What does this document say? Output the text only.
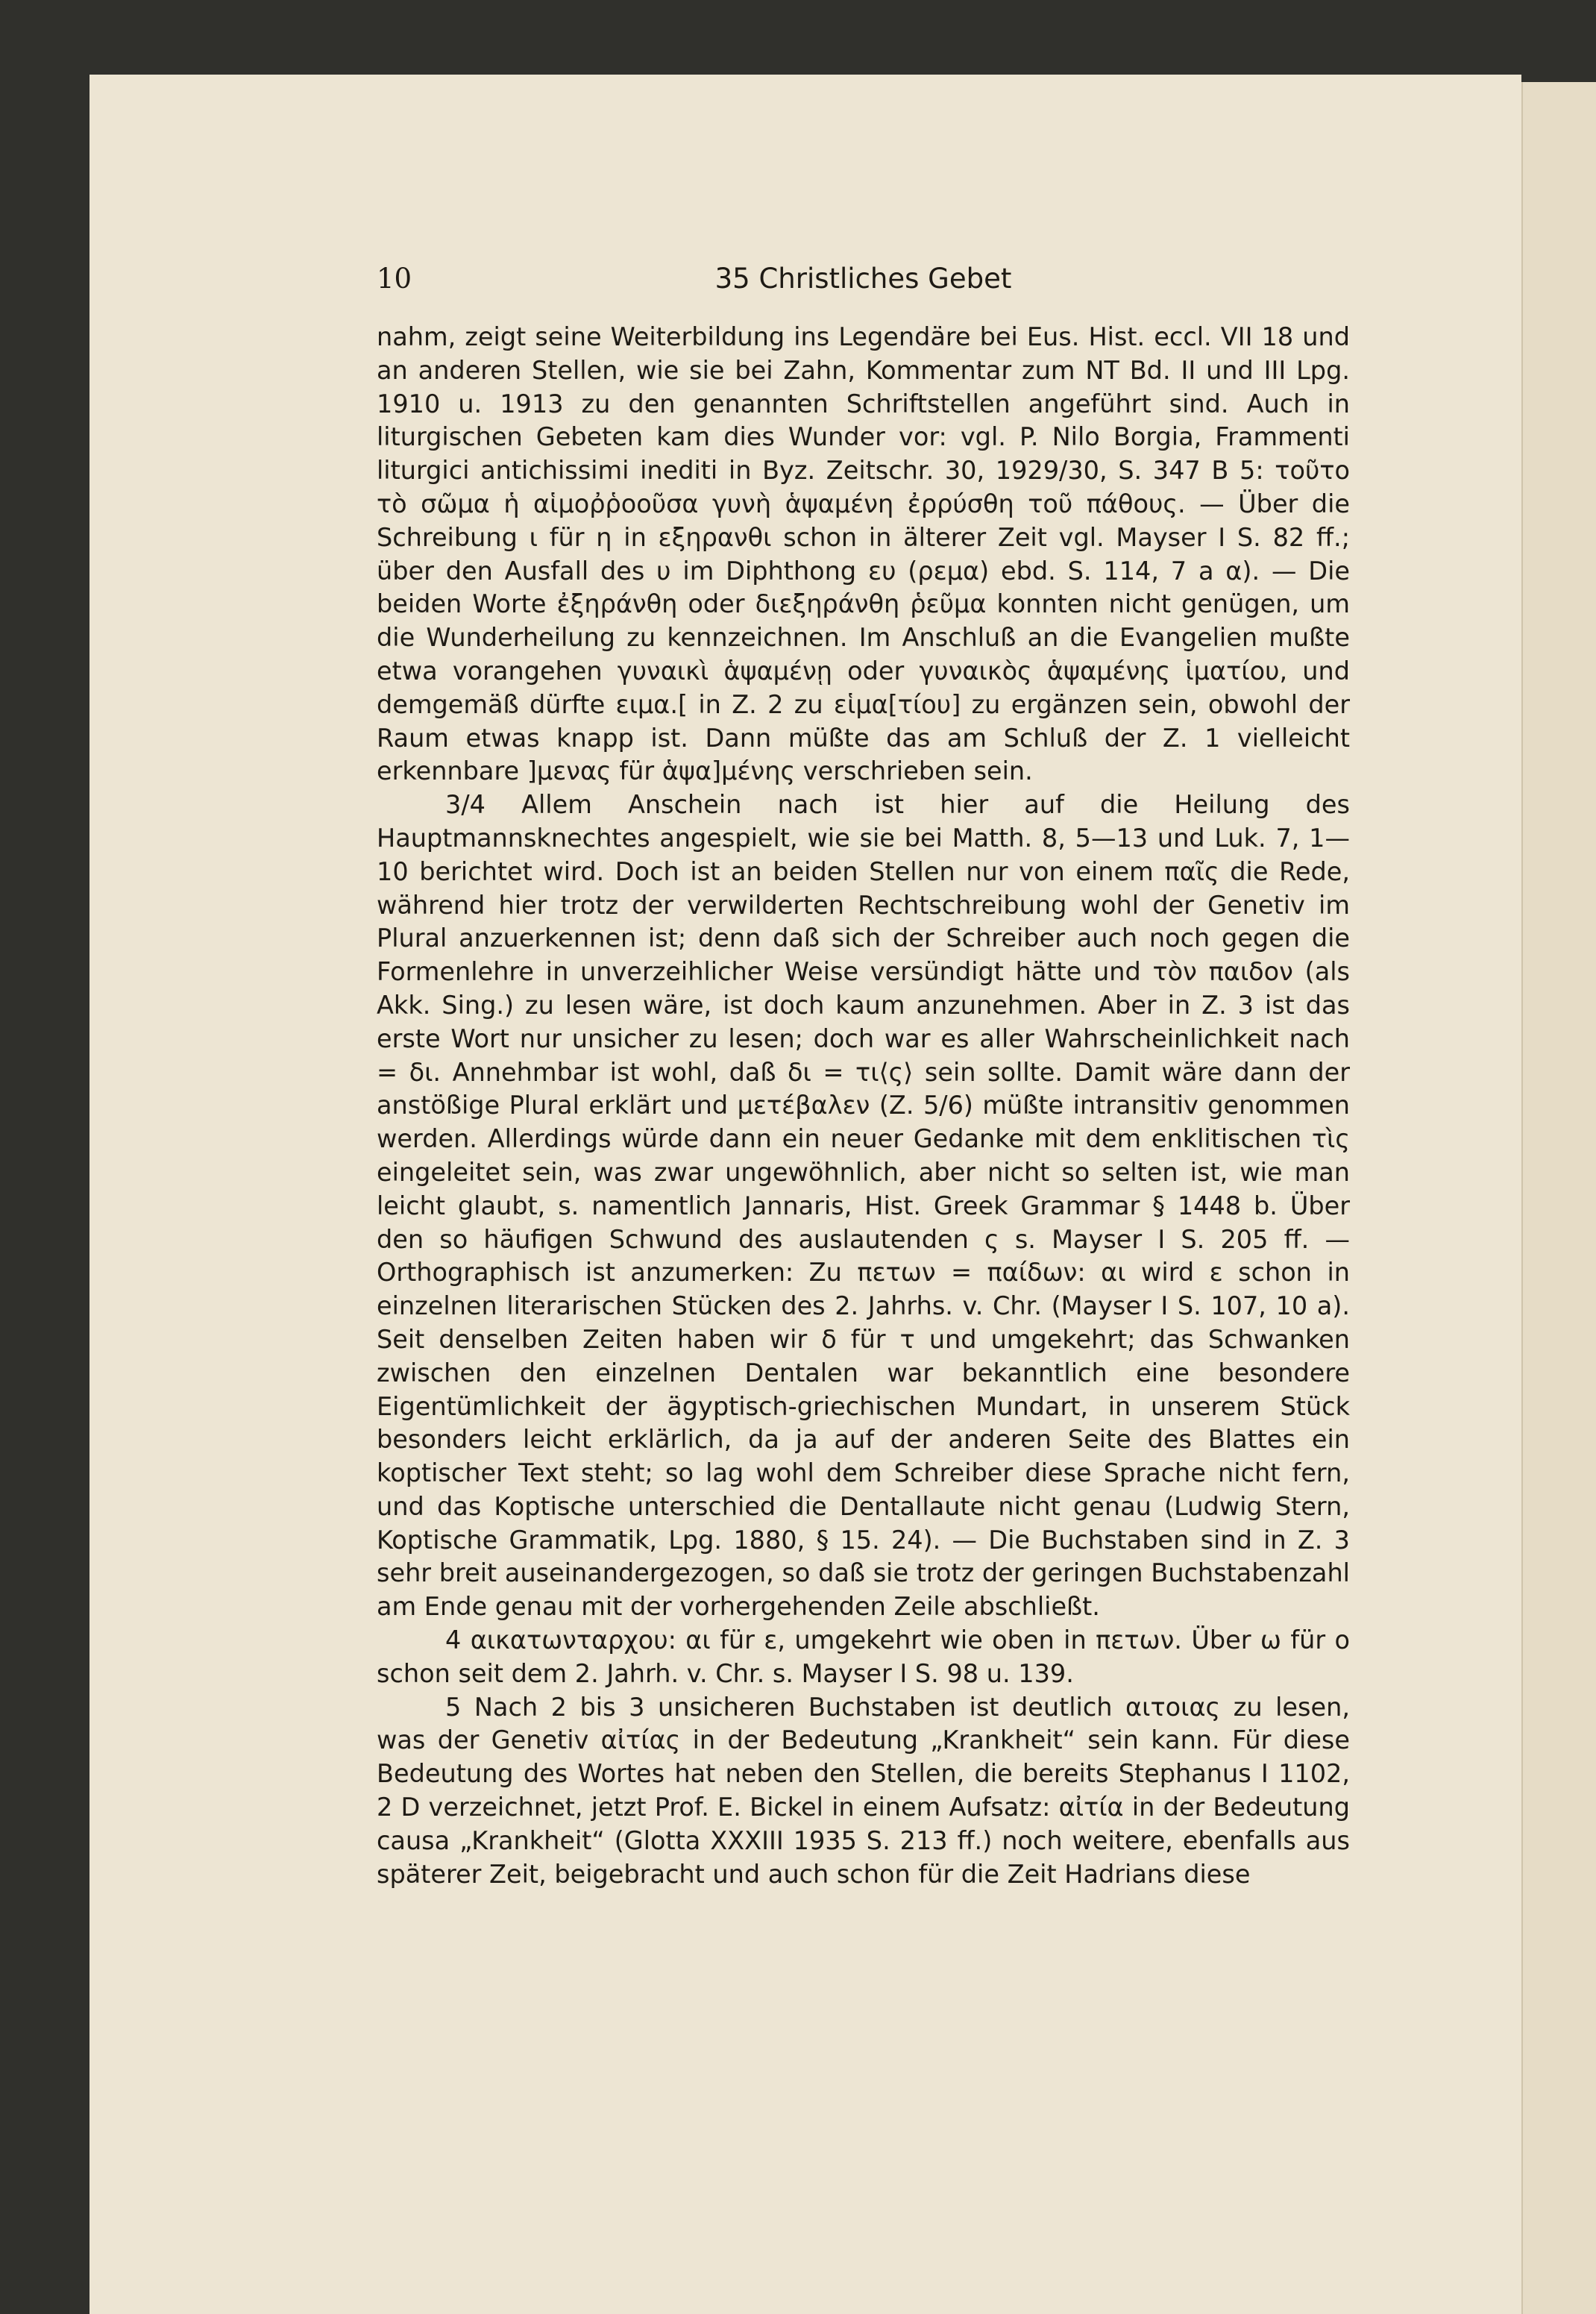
10	35 Christliches Gebet

nahm, zeigt seine Weiterbildung ins Legendäre bei Eus. Hist. eccl. VII 18 und an anderen Stellen, wie sie bei Zahn, Kommentar zum NT Bd. II und III Lpg. 1910 u. 1913 zu den genannten Schriftstellen angeführt sind. Auch in liturgischen Gebeten kam dies Wunder vor: vgl. P. Nilo Borgia, Frammenti liturgici antichissimi inediti in Byz. Zeitschr. 30, 1929/30, S. 347 B 5: τοῦτο τὸ σῶμα ἡ αἱμοῤῥοοῦσα γυνὴ ἁψαμένη ἐρρύσθη τοῦ πάθους. — Über die Schreibung ι für η in εξηρανθι schon in älterer Zeit vgl. Mayser I S. 82 ff.; über den Ausfall des υ im Diphthong ευ (ρεμα) ebd. S. 114, 7 a α). — Die beiden Worte ἐξηράνθη oder διεξηράνθη ῥεῦμα konnten nicht genügen, um die Wunderheilung zu kennzeichnen. Im Anschluß an die Evangelien mußte etwa vorangehen γυναικὶ ἁψαμένῃ oder γυναικὸς ἁψαμένης ἱματίου, und demgemäß dürfte ειμα.[ in Z. 2 zu εἱμα[τίου] zu ergänzen sein, obwohl der Raum etwas knapp ist. Dann müßte das am Schluß der Z. 1 vielleicht erkennbare ]μενας für ἁψα]μένης verschrieben sein.

3/4 Allem Anschein nach ist hier auf die Heilung des Hauptmannsknechtes angespielt, wie sie bei Matth. 8, 5—13 und Luk. 7, 1—10 berichtet wird. Doch ist an beiden Stellen nur von einem παῖς die Rede, während hier trotz der verwilderten Rechtschreibung wohl der Genetiv im Plural anzuerkennen ist; denn daß sich der Schreiber auch noch gegen die Formenlehre in unverzeihlicher Weise versündigt hätte und τὸν παιδον (als Akk. Sing.) zu lesen wäre, ist doch kaum anzunehmen. Aber in Z. 3 ist das erste Wort nur unsicher zu lesen; doch war es aller Wahrscheinlichkeit nach = δι. Annehmbar ist wohl, daß δι = τι⟨ς⟩ sein sollte. Damit wäre dann der anstößige Plural erklärt und μετέβαλεν (Z. 5/6) müßte intransitiv genommen werden. Allerdings würde dann ein neuer Gedanke mit dem enklitischen τὶς eingeleitet sein, was zwar ungewöhnlich, aber nicht so selten ist, wie man leicht glaubt, s. namentlich Jannaris, Hist. Greek Grammar § 1448 b. Über den so häufigen Schwund des auslautenden ς s. Mayser I S. 205 ff. — Orthographisch ist anzumerken: Zu πετων = παίδων: αι wird ε schon in einzelnen literarischen Stücken des 2. Jahrhs. v. Chr. (Mayser I S. 107, 10 a). Seit denselben Zeiten haben wir δ für τ und umgekehrt; das Schwanken zwischen den einzelnen Dentalen war bekanntlich eine besondere Eigentümlichkeit der ägyptisch-griechischen Mundart, in unserem Stück besonders leicht erklärlich, da ja auf der anderen Seite des Blattes ein koptischer Text steht; so lag wohl dem Schreiber diese Sprache nicht fern, und das Koptische unterschied die Dentallaute nicht genau (Ludwig Stern, Koptische Grammatik, Lpg. 1880, § 15. 24). — Die Buchstaben sind in Z. 3 sehr breit auseinandergezogen, so daß sie trotz der geringen Buchstabenzahl am Ende genau mit der vorhergehenden Zeile abschließt.

4 αικατωνταρχου: αι für ε, umgekehrt wie oben in πετων. Über ω für ο schon seit dem 2. Jahrh. v. Chr. s. Mayser I S. 98 u. 139.

5 Nach 2 bis 3 unsicheren Buchstaben ist deutlich αιτοιας zu lesen, was der Genetiv αἰτίας in der Bedeutung „Krankheit“ sein kann. Für diese Bedeutung des Wortes hat neben den Stellen, die bereits Stephanus I 1102, 2 D verzeichnet, jetzt Prof. E. Bickel in einem Aufsatz: αἰτία in der Bedeutung causa „Krankheit“ (Glotta XXXIII 1935 S. 213 ff.) noch weitere, ebenfalls aus späterer Zeit, beigebracht und auch schon für die Zeit Hadrians diese
